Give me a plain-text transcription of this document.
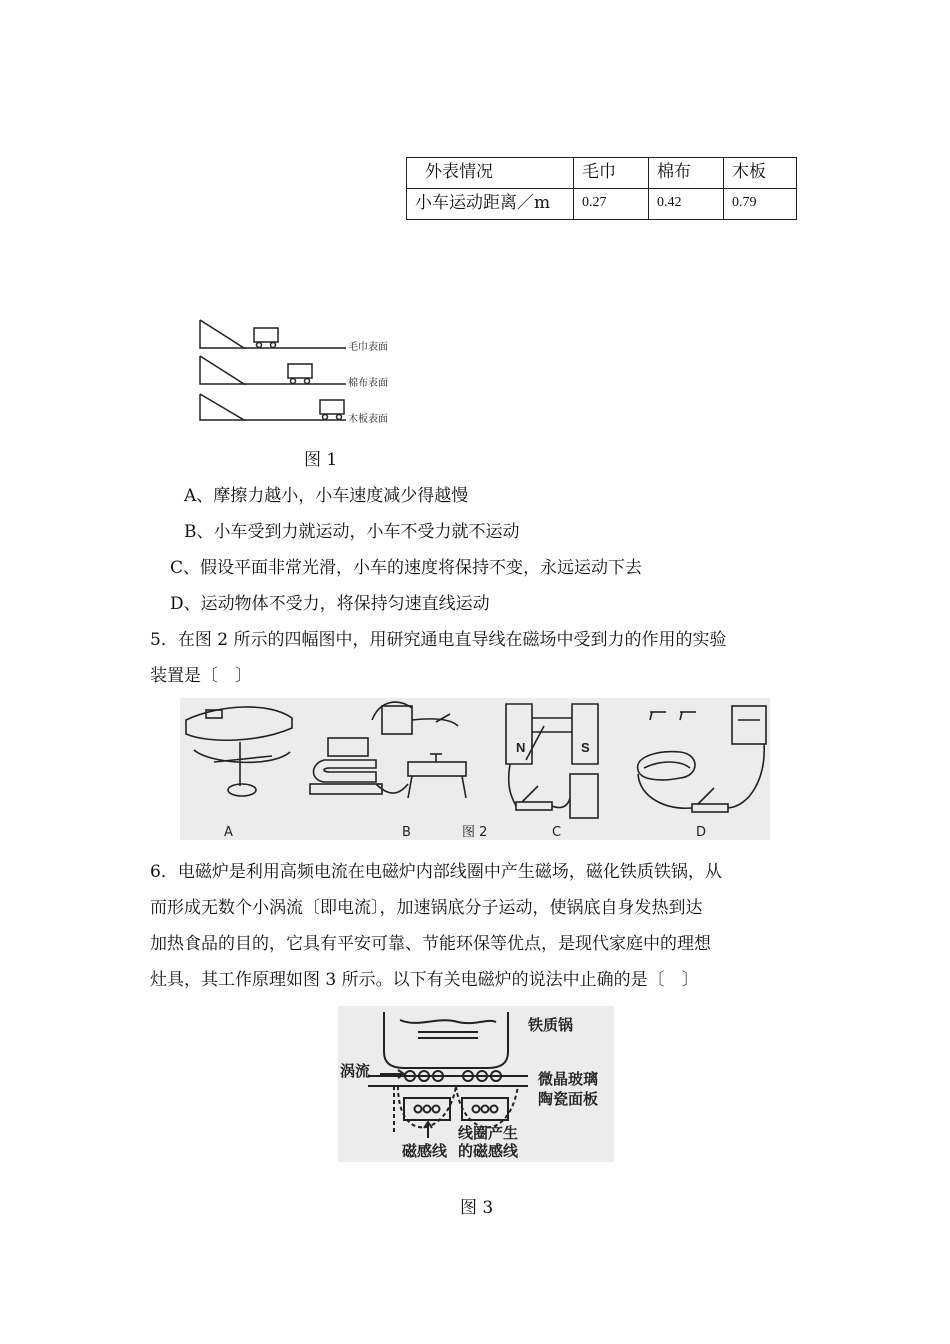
外表情况	毛巾	棉布	木板
小车运动距离／m	0.27	0.42	0.79
毛巾表面
棉布表面
木板表面
图 1
A、摩擦力越小，小车速度减少得越慢
B、小车受到力就运动，小车不受力就不运动
C、假设平面非常光滑，小车的速度将保持不变，永远运动下去
D、运动物体不受力，将保持匀速直线运动
5．在图 2 所示的四幅图中，用研究通电直导线在磁场中受到力的作用的实验
装置是〔　〕
N	S
A	B	图 2	C	D
6．电磁炉是利用高频电流在电磁炉内部线圈中产生磁场，磁化铁质铁锅，从
而形成无数个小涡流〔即电流〕，加速锅底分子运动，使锅底自身发热到达
加热食品的目的，它具有平安可靠、节能环保等优点，是现代家庭中的理想
灶具，其工作原理如图 3 所示。以下有关电磁炉的说法中止确的是〔　〕
铁质锅
涡流	微晶玻璃
陶瓷面板
磁感线
线圈产生
的磁感线
图 3
